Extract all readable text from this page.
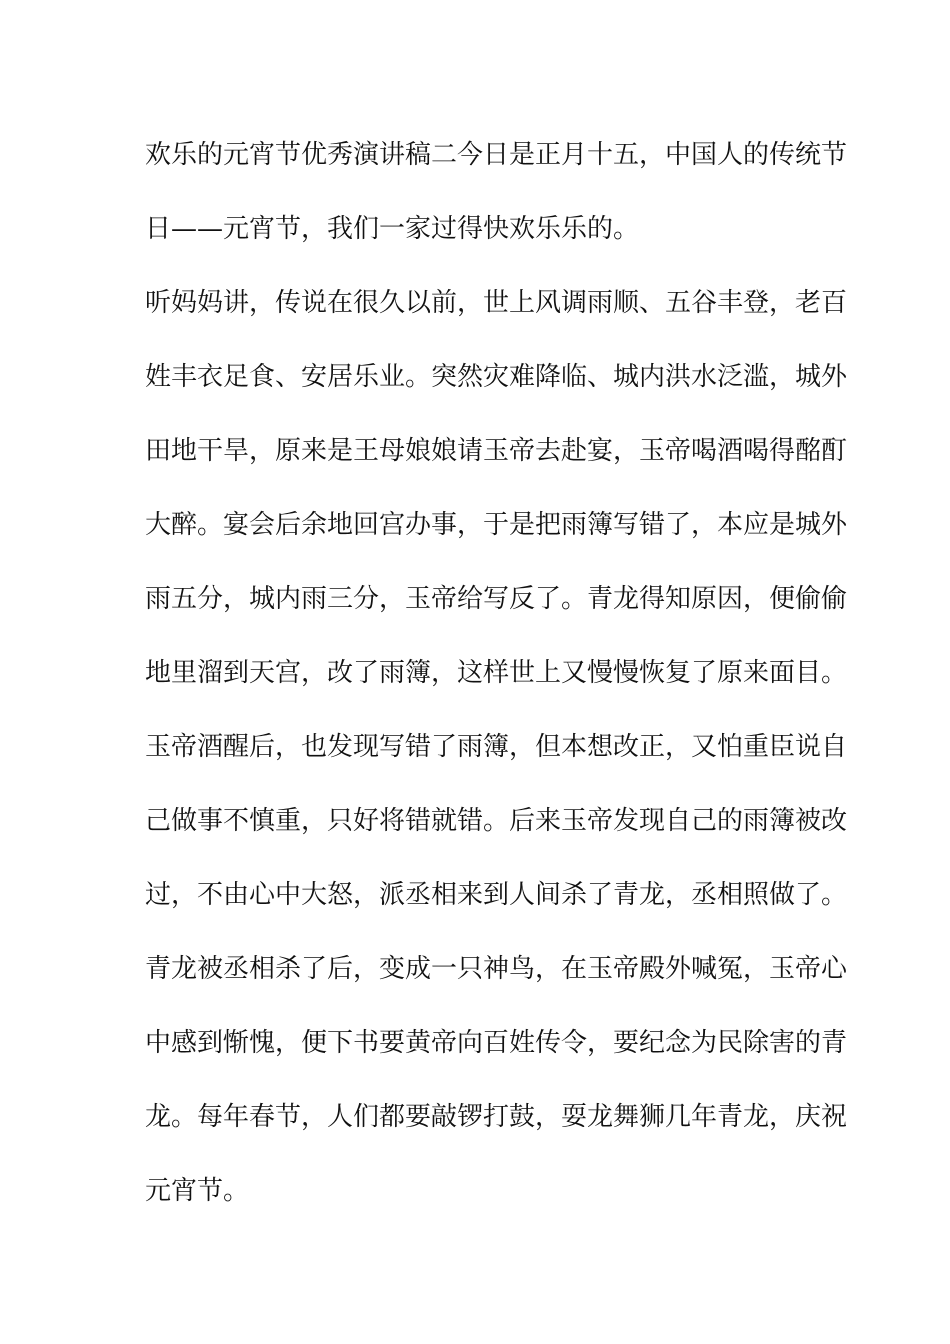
欢乐的元宵节优秀演讲稿二今日是正月十五，中国人的传统节
日——元宵节，我们一家过得快欢乐乐的。
听妈妈讲，传说在很久以前，世上风调雨顺、五谷丰登，老百
姓丰衣足食、安居乐业。突然灾难降临、城内洪水泛滥，城外
田地干旱，原来是王母娘娘请玉帝去赴宴，玉帝喝酒喝得酩酊
大醉。宴会后余地回宫办事，于是把雨簿写错了，本应是城外
雨五分，城内雨三分，玉帝给写反了。青龙得知原因，便偷偷
地里溜到天宫，改了雨簿，这样世上又慢慢恢复了原来面目。
玉帝酒醒后，也发现写错了雨簿，但本想改正，又怕重臣说自
己做事不慎重，只好将错就错。后来玉帝发现自己的雨簿被改
过，不由心中大怒，派丞相来到人间杀了青龙，丞相照做了。
青龙被丞相杀了后，变成一只神鸟，在玉帝殿外喊冤，玉帝心
中感到惭愧，便下书要黄帝向百姓传令，要纪念为民除害的青
龙。每年春节，人们都要敲锣打鼓，耍龙舞狮几年青龙，庆祝
元宵节。
